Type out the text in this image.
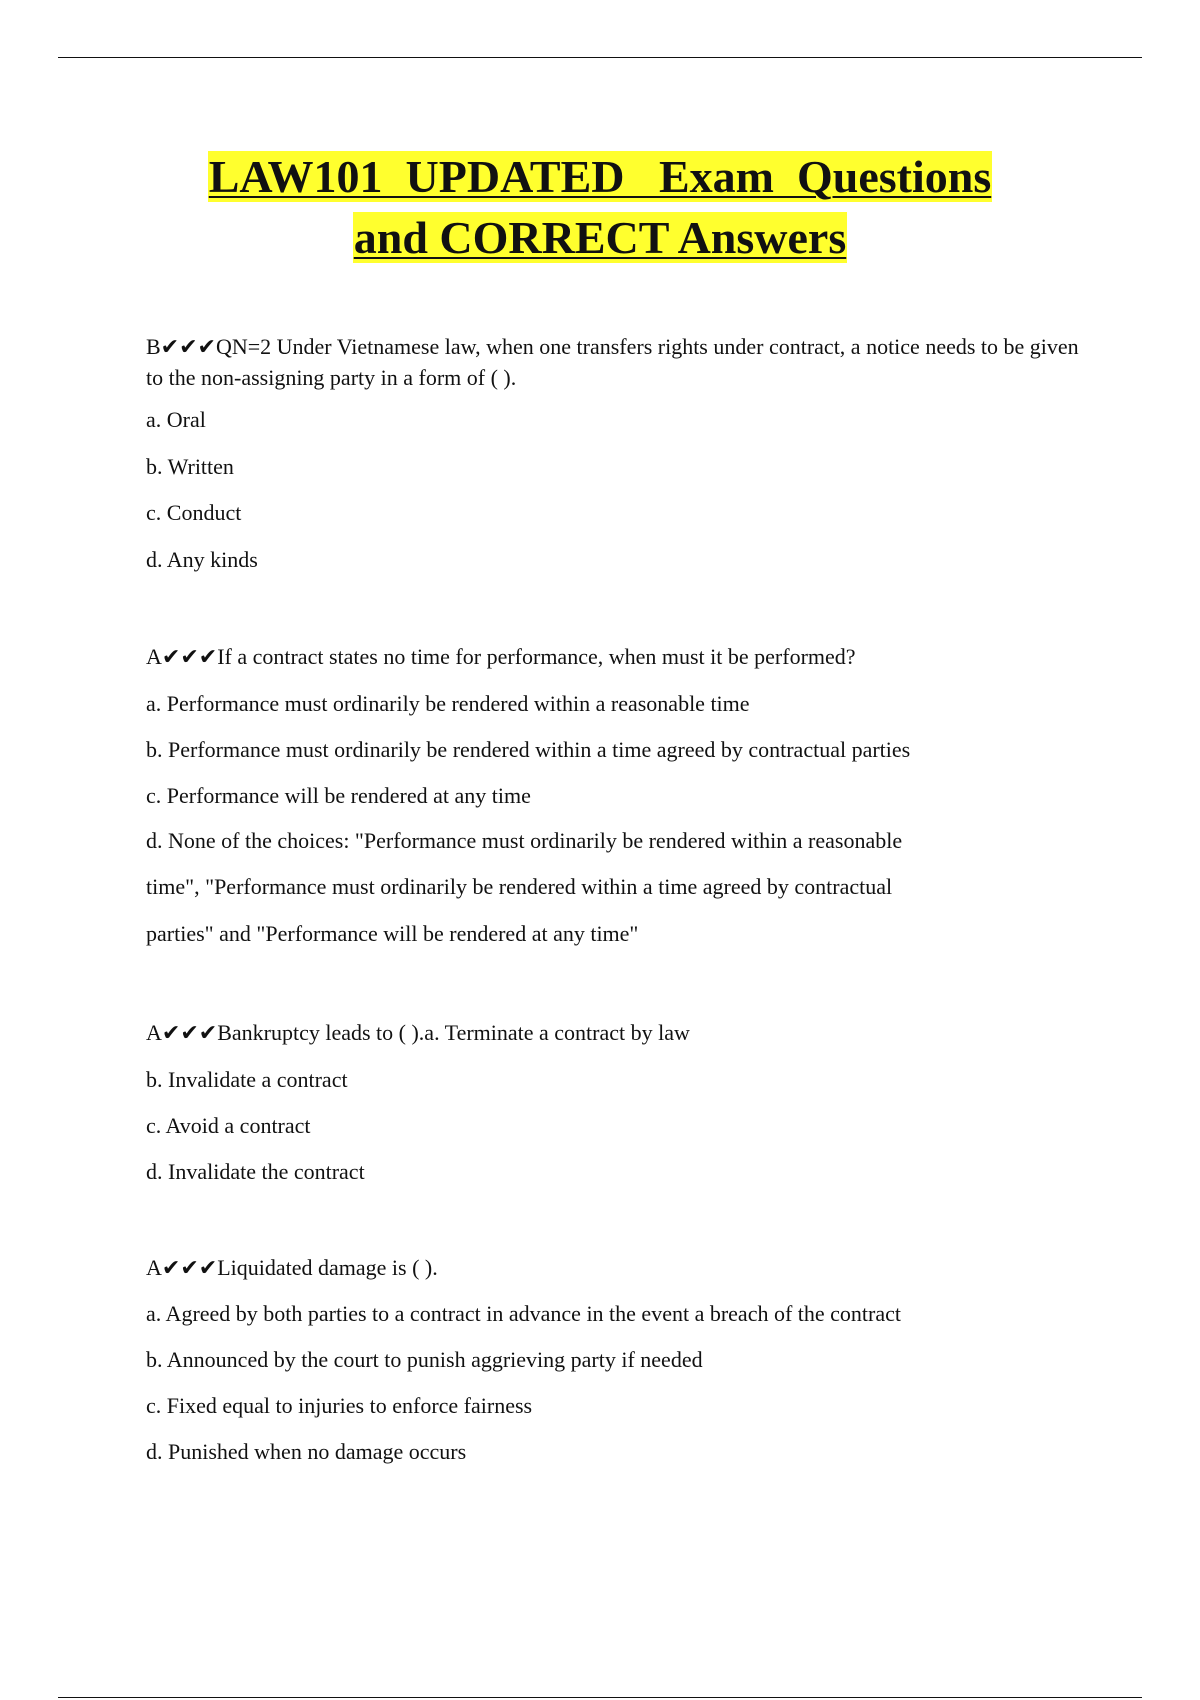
LAW101  UPDATED   Exam  Questions
and CORRECT Answers

B✔✔✔QN=2 Under Vietnamese law, when one transfers rights under contract, a notice needs to be given to the non-assigning party in a form of ( ).

a. Oral

b. Written

c. Conduct

d. Any kinds

A✔✔✔If a contract states no time for performance, when must it be performed?

a. Performance must ordinarily be rendered within a reasonable time

b. Performance must ordinarily be rendered within a time agreed by contractual parties

c. Performance will be rendered at any time

d. None of the choices: "Performance must ordinarily be rendered within a reasonable time", "Performance must ordinarily be rendered within a time agreed by contractual parties" and "Performance will be rendered at any time"

A✔✔✔Bankruptcy leads to ( ).a. Terminate a contract by law

b. Invalidate a contract

c. Avoid a contract

d. Invalidate the contract

A✔✔✔Liquidated damage is ( ).

a. Agreed by both parties to a contract in advance in the event a breach of the contract

b. Announced by the court to punish aggrieving party if needed

c. Fixed equal to injuries to enforce fairness

d. Punished when no damage occurs
